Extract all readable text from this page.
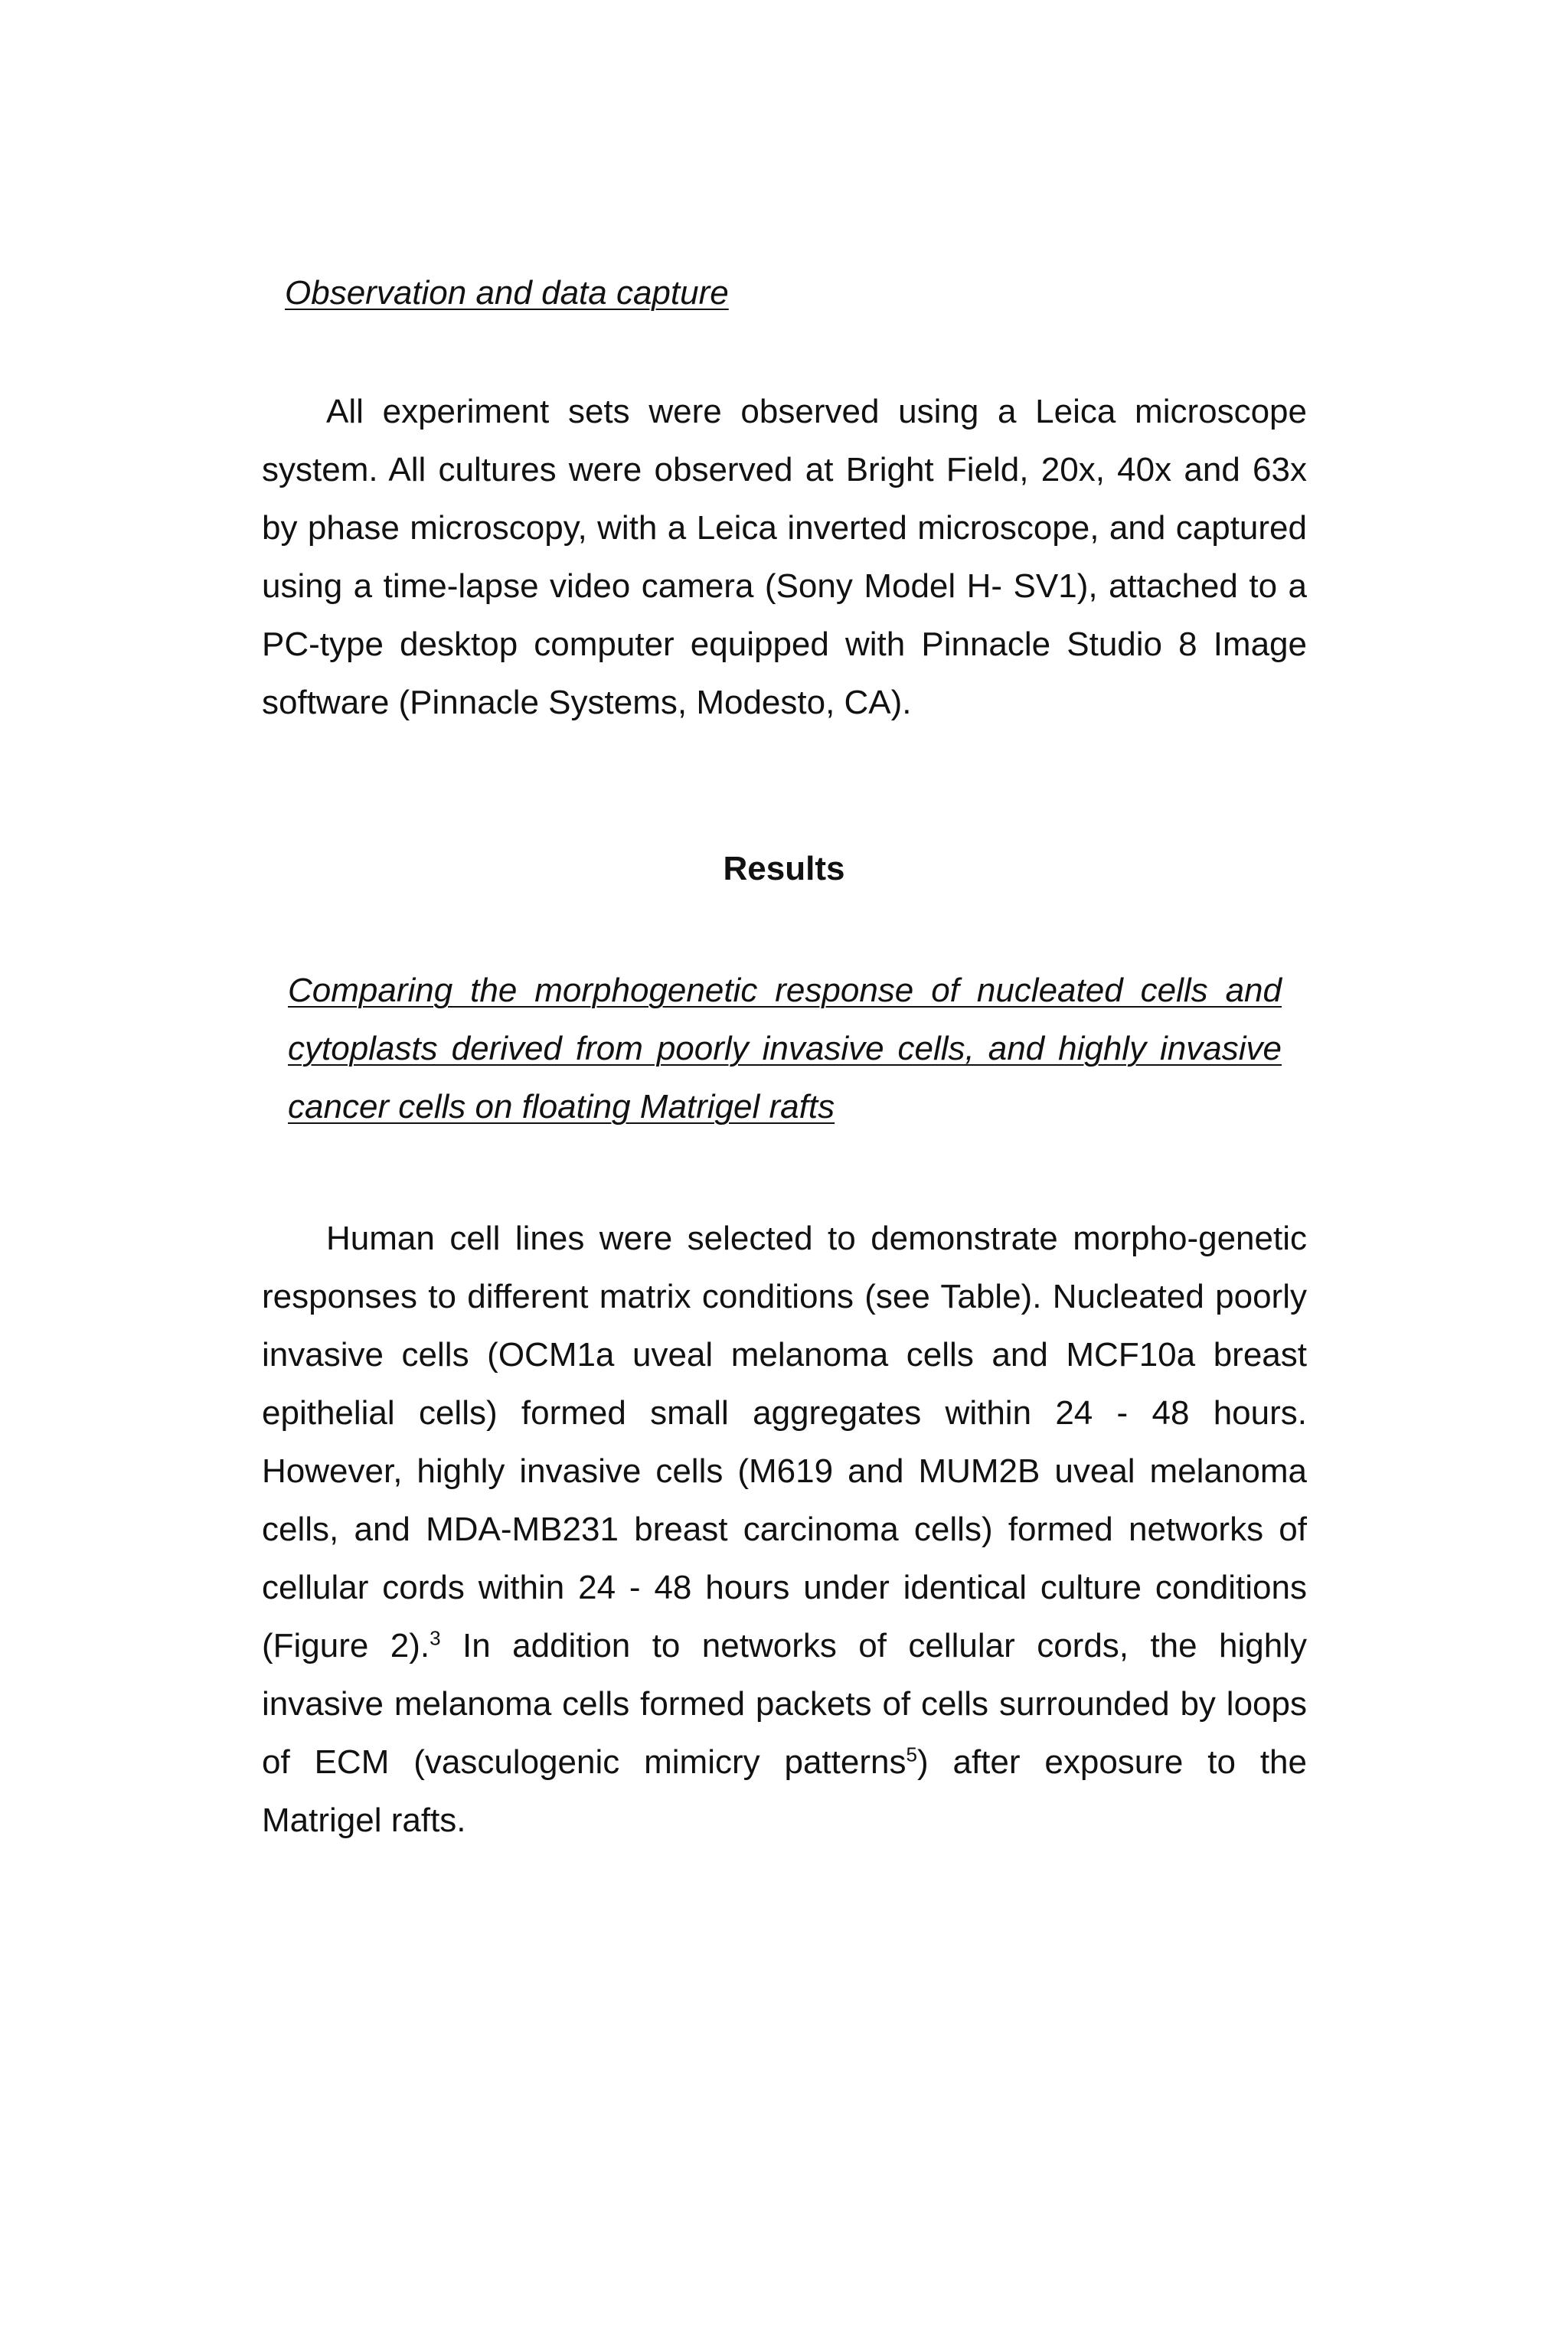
Observation and data capture

All experiment sets were observed using a Leica microscope system. All cultures were observed at Bright Field, 20x, 40x and 63x by phase microscopy, with a Leica inverted microscope, and captured using a time-lapse video camera (Sony Model H- SV1), attached to a PC-type desktop computer equipped with Pinnacle Studio 8 Image software (Pinnacle Systems, Modesto, CA).

Results

Comparing the morphogenetic response of nucleated cells and cytoplasts derived from poorly invasive cells, and highly invasive cancer cells on floating Matrigel rafts

Human cell lines were selected to demonstrate morpho-genetic responses to different matrix conditions (see Table). Nucleated poorly invasive cells (OCM1a uveal melanoma cells and MCF10a breast epithelial cells) formed small aggregates within 24 - 48 hours. However, highly invasive cells (M619 and MUM2B uveal melanoma cells, and MDA-MB231 breast carcinoma cells) formed networks of cellular cords within 24 - 48 hours under identical culture conditions (Figure 2).$^3$ In addition to networks of cellular cords, the highly invasive melanoma cells formed packets of cells surrounded by loops of ECM (vasculogenic mimicry patterns$^5$) after exposure to the Matrigel rafts.
